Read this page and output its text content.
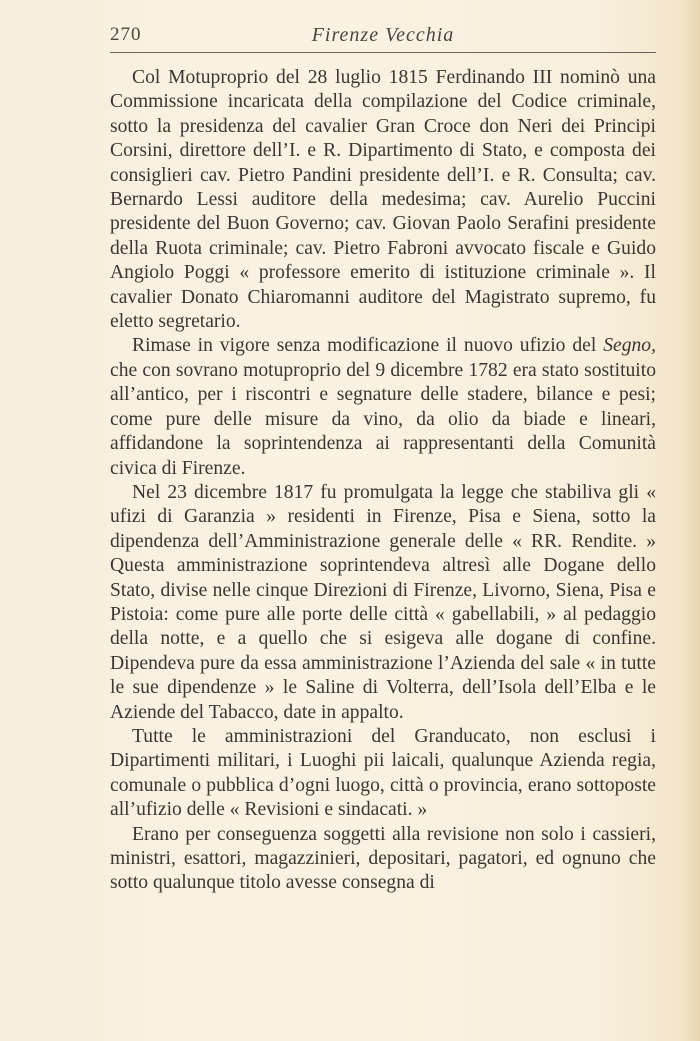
270	Firenze Vecchia

Col Motuproprio del 28 luglio 1815 Ferdinando III nominò una Commissione incaricata della compilazione del Codice criminale, sotto la presidenza del cavalier Gran Croce don Neri dei Principi Corsini, direttore dell’I. e R. Dipartimento di Stato, e composta dei consiglieri cav. Pietro Pandini presidente dell’I. e R. Consulta; cav. Bernardo Lessi auditore della medesima; cav. Aurelio Puccini presidente del Buon Governo; cav. Giovan Paolo Serafini presidente della Ruota criminale; cav. Pietro Fabroni avvocato fiscale e Guido Angiolo Poggi « professore emerito di istituzione criminale ». Il cavalier Donato Chiaromanni auditore del Magistrato supremo, fu eletto segretario.

Rimase in vigore senza modificazione il nuovo ufizio del Segno, che con sovrano motuproprio del 9 dicembre 1782 era stato sostituito all’antico, per i riscontri e segnature delle stadere, bilance e pesi; come pure delle misure da vino, da olio da biade e lineari, affidandone la soprintendenza ai rappresentanti della Comunità civica di Firenze.

Nel 23 dicembre 1817 fu promulgata la legge che stabiliva gli « ufizi di Garanzia » residenti in Firenze, Pisa e Siena, sotto la dipendenza dell’Amministrazione generale delle « RR. Rendite. » Questa amministrazione soprintendeva altresì alle Dogane dello Stato, divise nelle cinque Direzioni di Firenze, Livorno, Siena, Pisa e Pistoia: come pure alle porte delle città « gabellabili, » al pedaggio della notte, e a quello che si esigeva alle dogane di confine. Dipendeva pure da essa amministrazione l’Azienda del sale « in tutte le sue dipendenze » le Saline di Volterra, dell’Isola dell’Elba e le Aziende del Tabacco, date in appalto.

Tutte le amministrazioni del Granducato, non esclusi i Dipartimenti militari, i Luoghi pii laicali, qualunque Azienda regia, comunale o pubblica d’ogni luogo, città o provincia, erano sottoposte all’ufizio delle « Revisioni e sindacati. »

Erano per conseguenza soggetti alla revisione non solo i cassieri, ministri, esattori, magazzinieri, depositari, pagatori, ed ognuno che sotto qualunque titolo avesse consegna di
